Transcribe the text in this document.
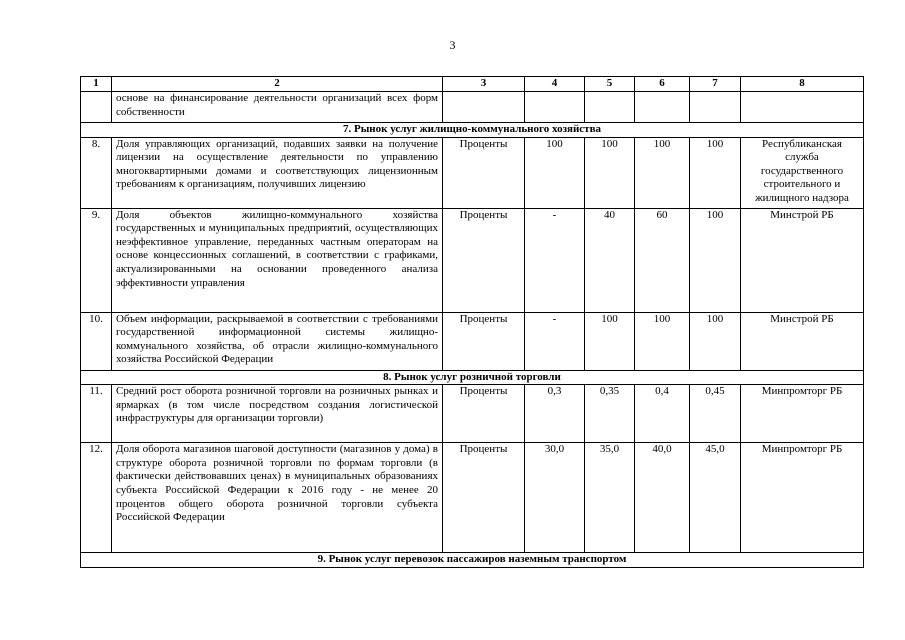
3
1	2	3	4	5	6	7	8
	основе на финансирование деятельности организаций всех форм собственности						
7. Рынок услуг жилищно-коммунального хозяйства							
8.	Доля управляющих организаций, подавших заявки на получение лицензии на осуществление деятельности по управлению многоквартирными домами и соответствующих лицензионным требованиям к организациям, получивших лицензию	Проценты	100	100	100	100	Республиканская служба государственного строительного и жилищного надзора
9.	Доля объектов жилищно-коммунального хозяйства государственных и муниципальных предприятий, осуществляющих неэффективное управление, переданных частным операторам на основе концессионных соглашений, в соответствии с графиками, актуализированными на основании проведенного анализа эффективности управления	Проценты	-	40	60	100	Минстрой РБ
10.	Объем информации, раскрываемой в соответствии с требованиями государственной информационной системы жилищно-коммунального хозяйства, об отрасли жилищно-коммунального хозяйства Российской Федерации	Проценты	-	100	100	100	Минстрой РБ
8. Рынок услуг розничной торговли							
11.	Средний рост оборота розничной торговли на розничных рынках и ярмарках (в том числе посредством создания логистической инфраструктуры для организации торговли)	Проценты	0,3	0,35	0,4	0,45	Минпромторг РБ
12.	Доля оборота магазинов шаговой доступности (магазинов у дома) в структуре оборота розничной торговли по формам торговли (в фактически действовавших ценах) в муниципальных образованиях субъекта Российской Федерации к 2016 году - не менее 20 процентов общего оборота розничной торговли субъекта Российской Федерации	Проценты	30,0	35,0	40,0	45,0	Минпромторг РБ
9. Рынок услуг перевозок пассажиров наземным транспортом							
